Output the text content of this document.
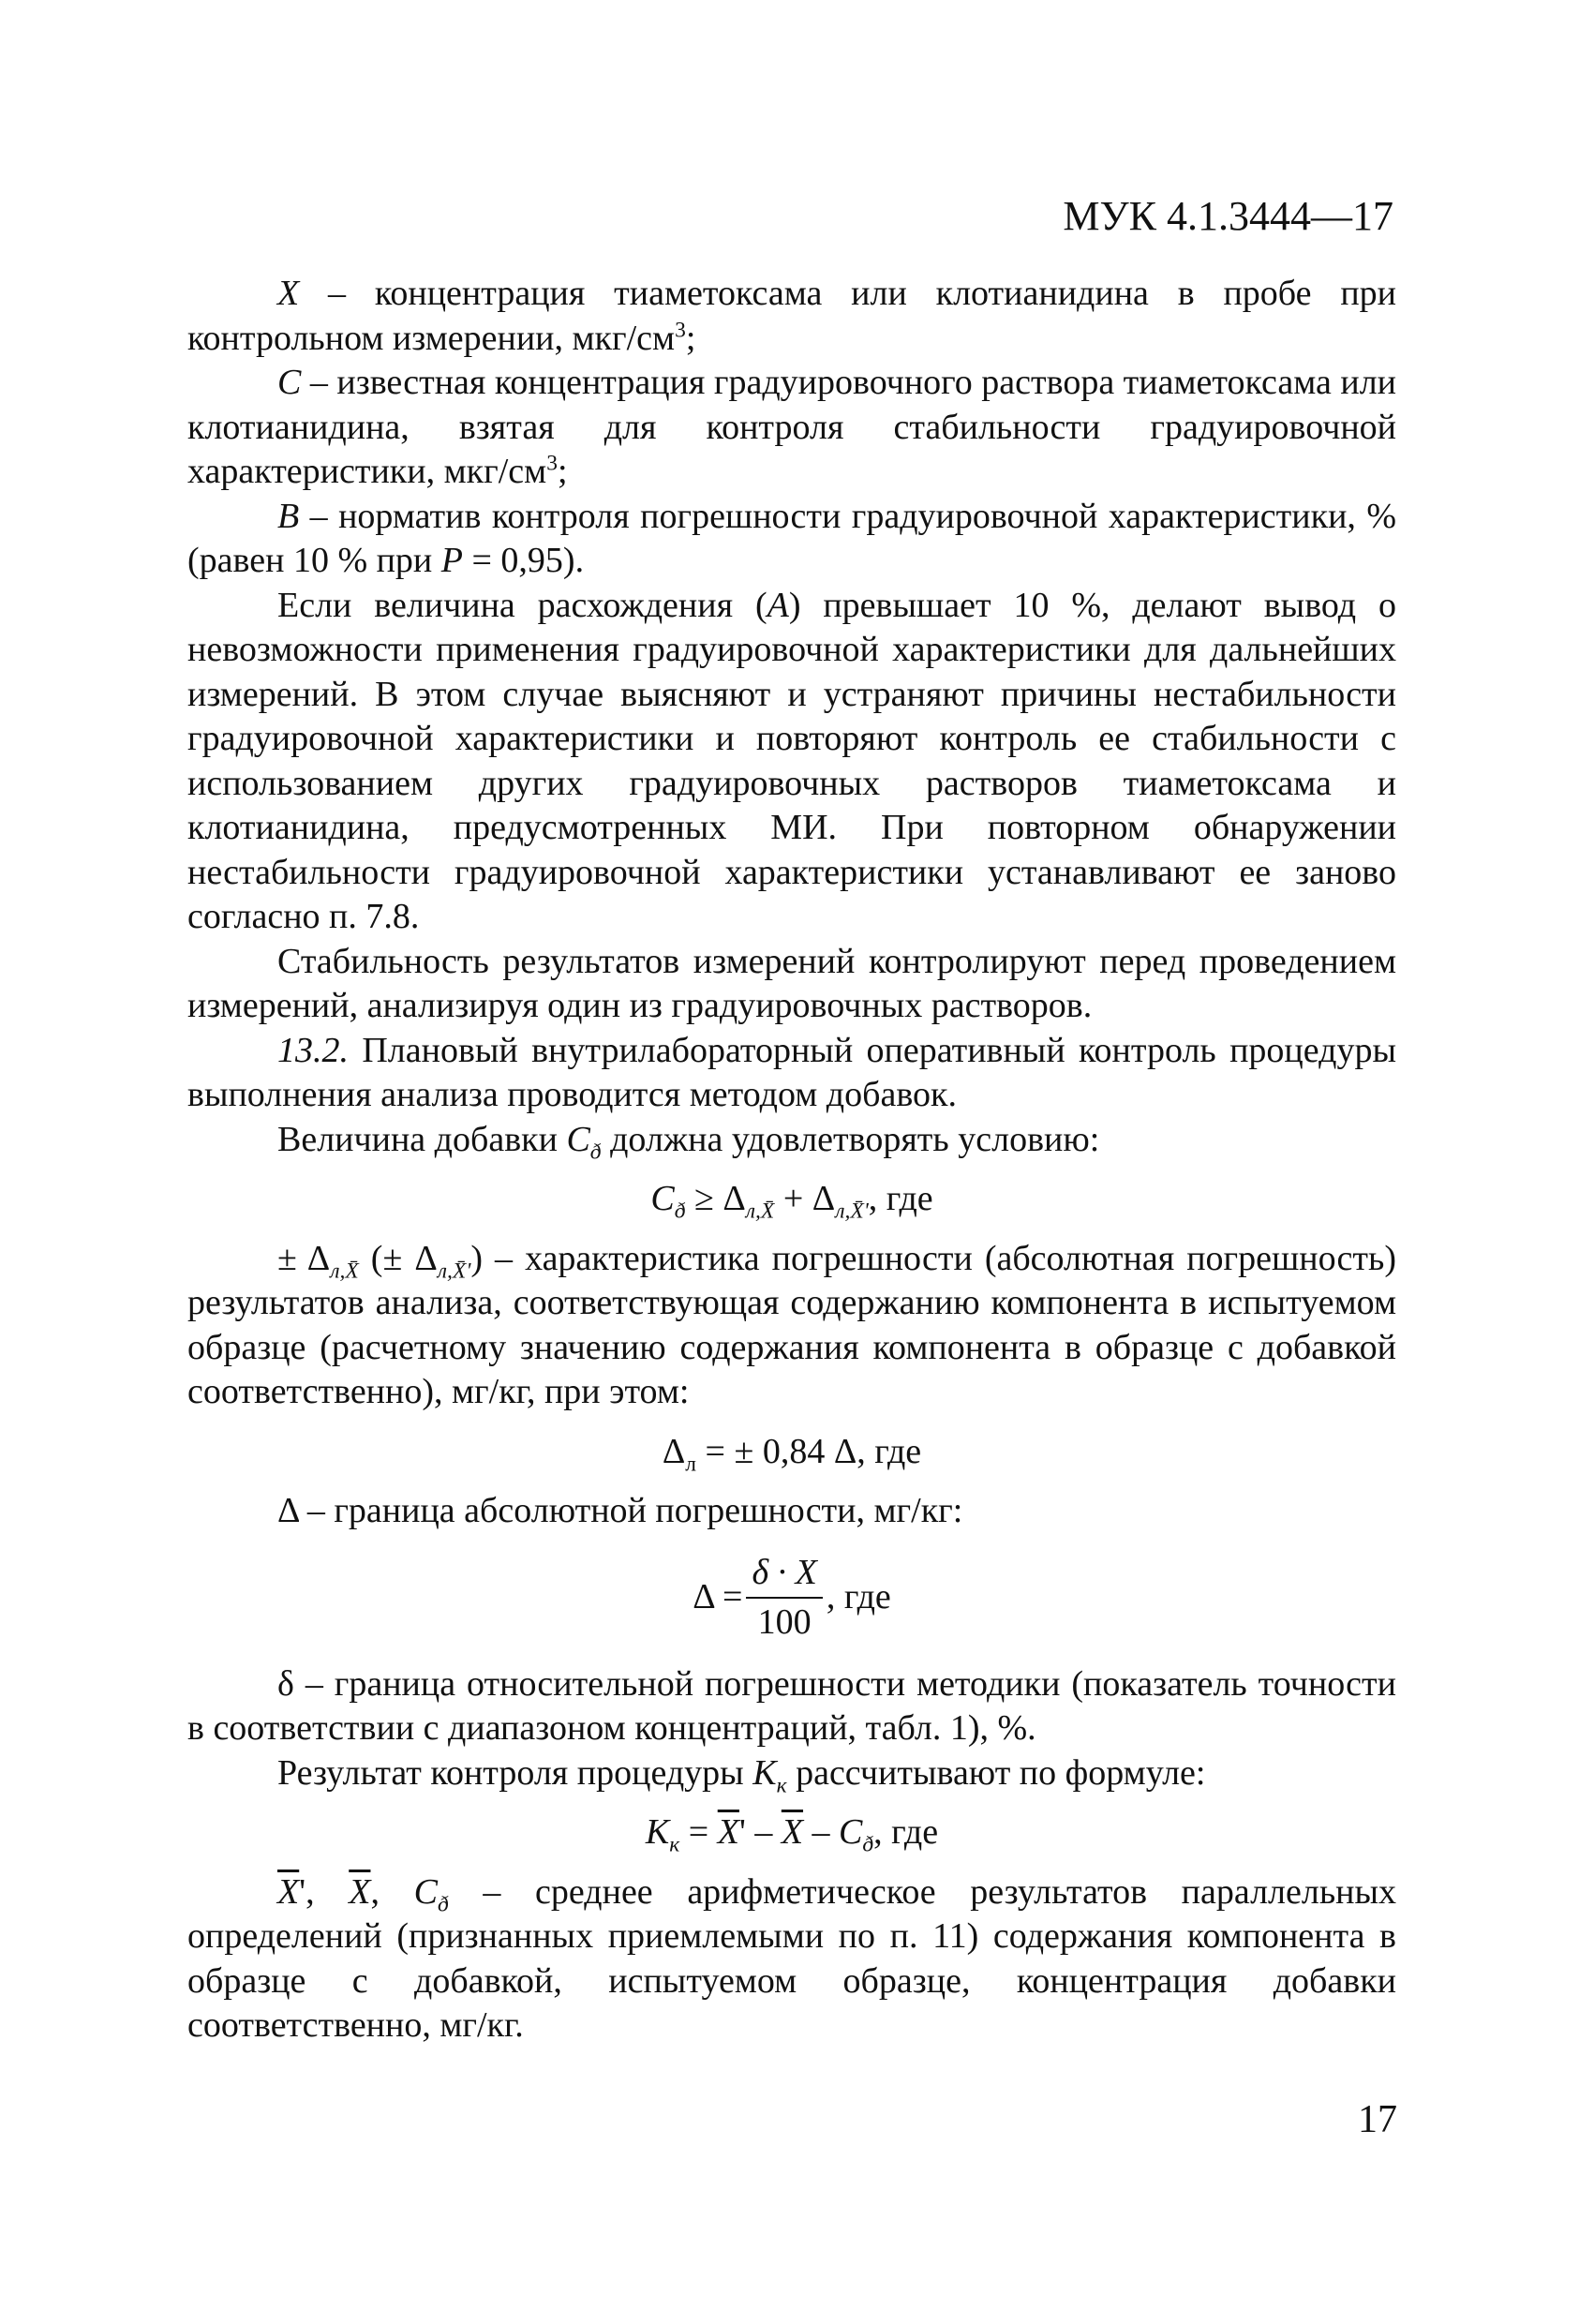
МУК 4.1.3444—17

X – концентрация тиаметоксама или клотианидина в пробе при контрольном измерении, мкг/$см^3$;

C – известная концентрация градуировочного раствора тиаметоксама или клотианидина, взятая для контроля стабильности градуировочной характеристики, мкг/$см^3$;

B – норматив контроля погрешности градуировочной характеристики, % (равен 10 % при P = 0,95).

Если величина расхождения (A) превышает 10 %, делают вывод о невозможности применения градуировочной характеристики для дальнейших измерений. В этом случае выясняют и устраняют причины нестабильности градуировочной характеристики и повторяют контроль ее стабильности с использованием других градуировочных растворов тиаметоксама и клотианидина, предусмотренных МИ. При повторном обнаружении нестабильности градуировочной характеристики устанавливают ее заново согласно п. 7.8.

Стабильность результатов измерений контролируют перед проведением измерений, анализируя один из градуировочных растворов.

13.2. Плановый внутрилабораторный оперативный контроль процедуры выполнения анализа проводится методом добавок.

Величина добавки $C_ð$ должна удовлетворять условию:

$C_ð \ge \Delta_{л,X̄} + \Delta_{л,X̄'}$, где

± $\Delta_{л,X̄}$ (± $\Delta_{л,X̄'}$) – характеристика погрешности (абсолютная погрешность) результатов анализа, соответствующая содержанию компонента в испытуемом образце (расчетному значению содержания компонента в образце с добавкой соответственно), мг/кг, при этом:

$\Delta_л$ = ± 0,84 Δ, где

Δ – граница абсолютной погрешности, мг/кг:

$\Delta = \frac{\delta \cdot X}{100}$ , где

δ – граница относительной погрешности методики (показатель точности в соответствии с диапазоном концентраций, табл. 1), %.

Результат контроля процедуры $K_к$ рассчитывают по формуле:

$K_к = \overline{X}' - \overline{X} - C_ð$, где

$\overline{X}'$, $\overline{X}$, $C_ð$ – среднее арифметическое результатов параллельных определений (признанных приемлемыми по п. 11) содержания компонента в образце с добавкой, испытуемом образце, концентрация добавки соответственно, мг/кг.

17
